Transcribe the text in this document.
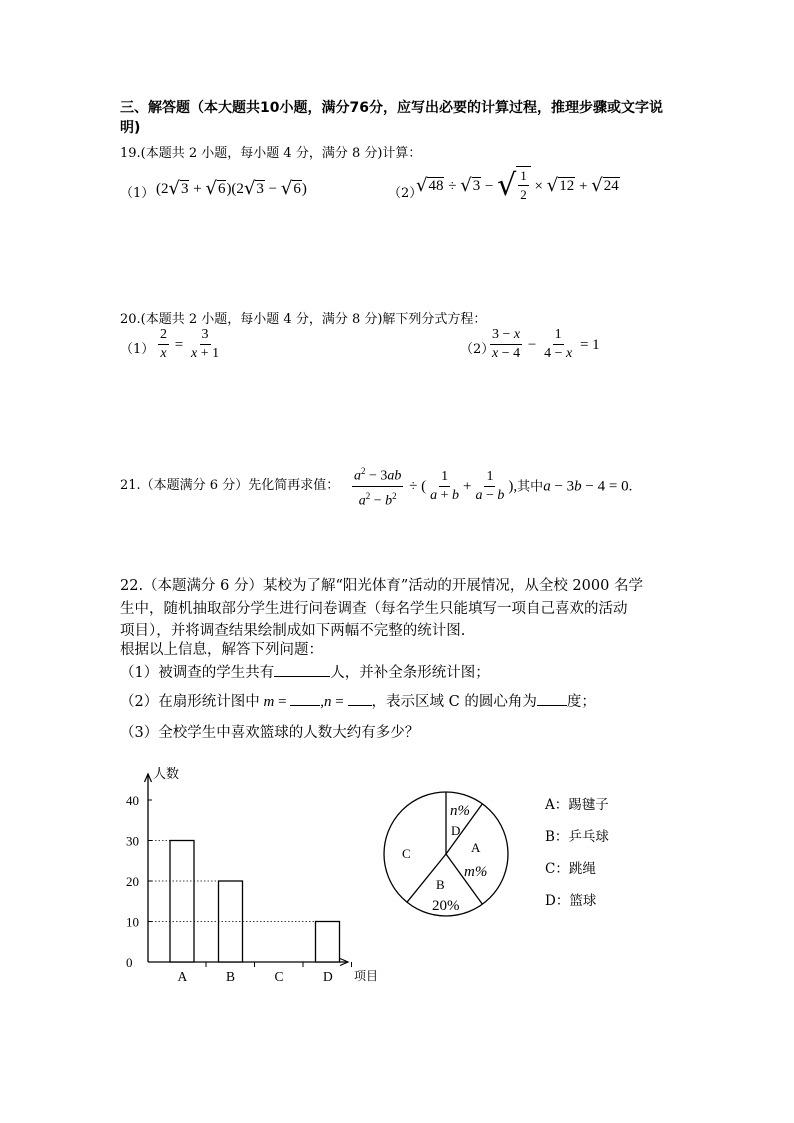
三、解答题（本大题共10小题，满分76分，应写出必要的计算过程，推理步骤或文字说
明)
19.(本题共 2 小题，每小题 4 分，满分 8 分)计算：
（1） (2 √ 3 + √ 6 )(2 √ 3 − √ 6 )	（2）
√ 48 ÷ √ 3 − √ $\frac{1}{2}$ × √ 12 + √ 24
20.(本题共 2 小题，每小题 4 分，满分 8 分)解下列分式方程：
$(1) \frac{2}{x} = \frac{3}{x + 1}$	（2）
$\frac{3 - x}{x - 4} - \frac{1}{4 - x} = 1$
21.（本题满分 6 分）先化简再求值： $\frac{a^2 - 3ab}{a^2 - b^2}$ ÷ ( $\frac{1}{a + b} + \frac{1}{a - b}$ ),其中a − 3b − 4 = 0.
22.（本题满分 6 分）某校为了解“阳光体育”活动的开展情况，从全校 2000 名学
生中，随机抽取部分学生进行问卷调查（每名学生只能填写一项自己喜欢的活动
项目），并将调查结果绘制成如下两幅不完整的统计图.
根据以上信息，解答下列问题：
（1）被调查的学生共有	人，并补全条形统计图；
（2）在扇形统计图中 m = ,n = ，表示区域 C 的圆心角为 度；
（3）全校学生中喜欢篮球的人数大约有多少？
0
10
20
30
40
A	B	C	D
人数
项目
n%
D
A
m%
C
B
20%
A：踢毽子
B：乒乓球
C：跳绳
D：篮球
